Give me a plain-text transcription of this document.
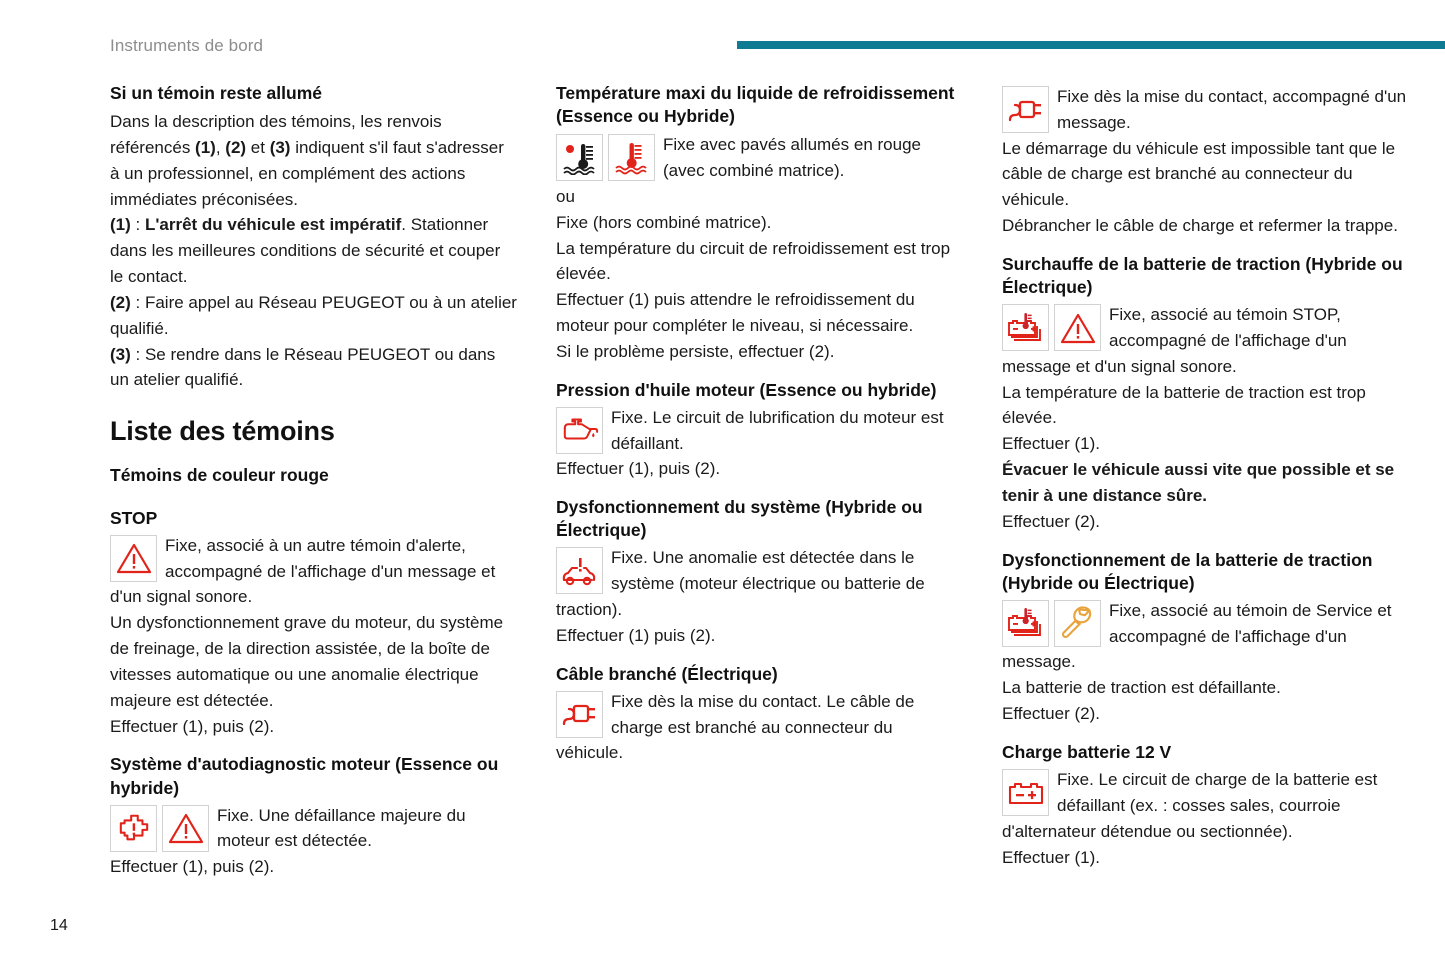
Instruments de bord
Si un témoin reste allumé

Dans la description des témoins, les renvois référencés (1), (2) et (3) indiquent s'il faut s'adresser à un professionnel, en complément des actions immédiates préconisées.

(1) : L'arrêt du véhicule est impératif. Stationner dans les meilleures conditions de sécurité et couper le contact.

(2) : Faire appel au Réseau PEUGEOT ou à un atelier qualifié.

(3) : Se rendre dans le Réseau PEUGEOT ou dans un atelier qualifié.

Liste des témoins
Témoins de couleur rouge
STOP
Fixe, associé à un autre témoin d'alerte, accompagné de l'affichage d'un message et d'un signal sonore.

Un dysfonctionnement grave du moteur, du système de freinage, de la direction assistée, de la boîte de vitesses automatique ou une anomalie électrique majeure est détectée.

Effectuer (1), puis (2).

Système d'autodiagnostic moteur (Essence ou hybride)
Fixe. Une défaillance majeure du moteur est détectée.

Effectuer (1), puis (2).

Température maxi du liquide de refroidissement (Essence ou Hybride)
Fixe avec pavés allumés en rouge (avec combiné matrice).

ou

Fixe (hors combiné matrice).

La température du circuit de refroidissement est trop élevée.

Effectuer (1) puis attendre le refroidissement du moteur pour compléter le niveau, si nécessaire.

Si le problème persiste, effectuer (2).

Pression d'huile moteur (Essence ou hybride)
Fixe. Le circuit de lubrification du moteur est défaillant.

Effectuer (1), puis (2).

Dysfonctionnement du système (Hybride ou Électrique)
Fixe. Une anomalie est détectée dans le système (moteur électrique ou batterie de traction).

Effectuer (1) puis (2).

Câble branché (Électrique)
Fixe dès la mise du contact. Le câble de charge est branché au connecteur du véhicule.
Fixe dès la mise du contact, accompagné d'un message.

Le démarrage du véhicule est impossible tant que le câble de charge est branché au connecteur du véhicule.

Débrancher le câble de charge et refermer la trappe.

Surchauffe de la batterie de traction (Hybride ou Électrique)
Fixe, associé au témoin STOP, accompagné de l'affichage d'un message et d'un signal sonore.

La température de la batterie de traction est trop élevée.

Effectuer (1).

Évacuer le véhicule aussi vite que possible et se tenir à une distance sûre.

Effectuer (2).

Dysfonctionnement de la batterie de traction (Hybride ou Électrique)
Fixe, associé au témoin de Service et accompagné de l'affichage d'un message.

La batterie de traction est défaillante.

Effectuer (2).

Charge batterie 12 V
Fixe. Le circuit de charge de la batterie est défaillant (ex. : cosses sales, courroie d'alternateur détendue ou sectionnée).

Effectuer (1).

14
